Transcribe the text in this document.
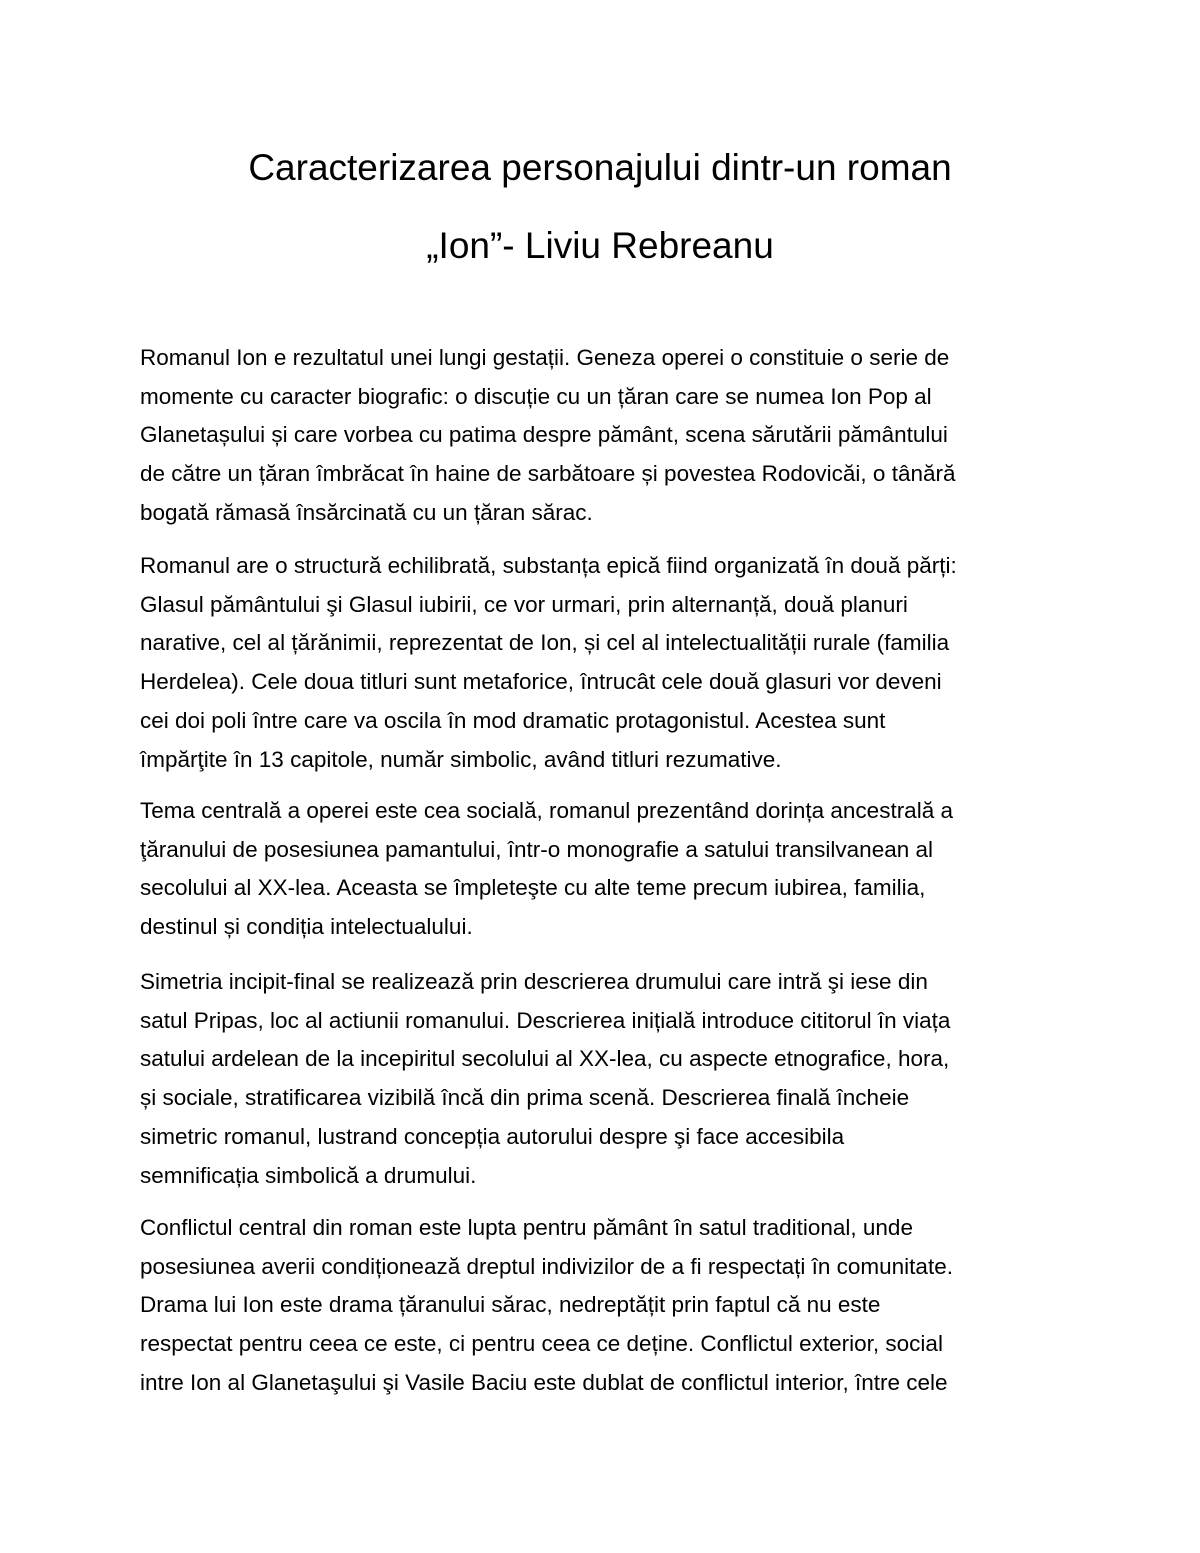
Caracterizarea personajului dintr-un roman
„Ion”- Liviu Rebreanu
Romanul Ion e rezultatul unei lungi gestații. Geneza operei o constituie o serie de
momente cu caracter biografic: o discuție cu un țăran care se numea Ion Pop al
Glanetașului și care vorbea cu patima despre pământ, scena sărutării pământului
de către un țăran îmbrăcat în haine de sarbătoare și povestea Rodovicăi, o tânără
bogată rămasă însărcinată cu un țăran sărac.
Romanul are o structură echilibrată, substanța epică fiind organizată în două părți:
Glasul pământului şi Glasul iubirii, ce vor urmari, prin alternanță, două planuri
narative, cel al țărănimii, reprezentat de Ion, și cel al intelectualității rurale (familia
Herdelea). Cele doua titluri sunt metaforice, întrucât cele două glasuri vor deveni
cei doi poli între care va oscila în mod dramatic protagonistul. Acestea sunt
împărţite în 13 capitole, număr simbolic, având titluri rezumative.
Tema centrală a operei este cea socială, romanul prezentând dorința ancestrală a
ţăranului de posesiunea pamantului, într-o monografie a satului transilvanean al
secolului al XX-lea. Aceasta se împleteşte cu alte teme precum iubirea, familia,
destinul și condiția intelectualului.
Simetria incipit-final se realizează prin descrierea drumului care intră şi iese din
satul Pripas, loc al actiunii romanului. Descrierea inițială introduce cititorul în viața
satului ardelean de la incepiritul secolului al XX-lea, cu aspecte etnografice, hora,
și sociale, stratificarea vizibilă încă din prima scenă. Descrierea finală încheie
simetric romanul, lustrand concepția autorului despre şi face accesibila
semnificația simbolică a drumului.
Conflictul central din roman este lupta pentru pământ în satul traditional, unde
posesiunea averii condiționează dreptul indivizilor de a fi respectați în comunitate.
Drama lui Ion este drama țăranului sărac, nedreptățit prin faptul că nu este
respectat pentru ceea ce este, ci pentru ceea ce deține. Conflictul exterior, social
intre Ion al Glanetaşului şi Vasile Baciu este dublat de conflictul interior, între cele
